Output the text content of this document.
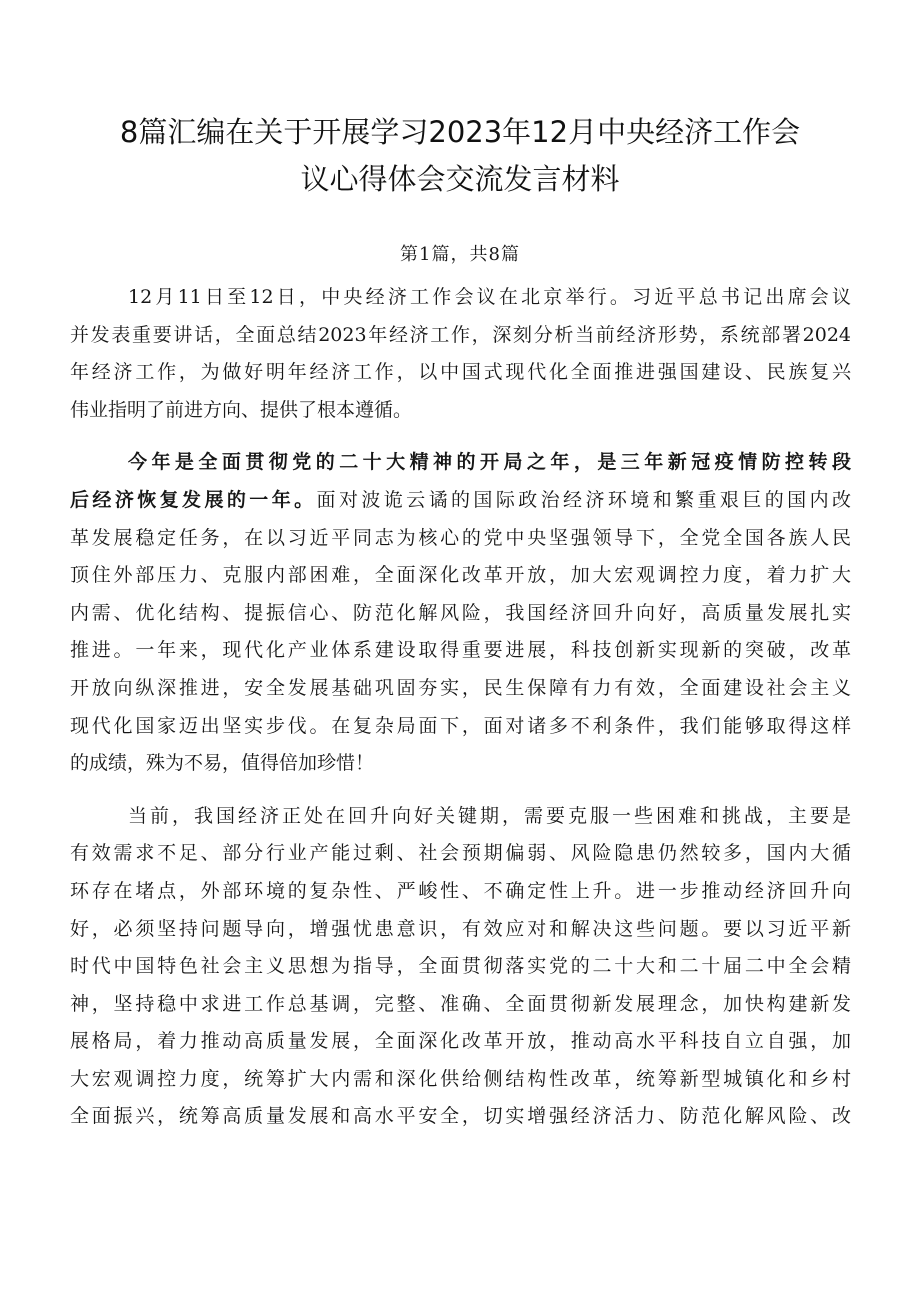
8篇汇编在关于开展学习2023年12月中央经济工作会
议心得体会交流发言材料
第1篇，共8篇
12月11日至12日，中央经济工作会议在北京举行。习近平总书记出席会议
并发表重要讲话，全面总结2023年经济工作，深刻分析当前经济形势，系统部署2024
年经济工作，为做好明年经济工作，以中国式现代化全面推进强国建设、民族复兴
伟业指明了前进方向、提供了根本遵循。
今年是全面贯彻党的二十大精神的开局之年，是三年新冠疫情防控转段
后经济恢复发展的一年。面对波诡云谲的国际政治经济环境和繁重艰巨的国内改
革发展稳定任务，在以习近平同志为核心的党中央坚强领导下，全党全国各族人民
顶住外部压力、克服内部困难，全面深化改革开放，加大宏观调控力度，着力扩大
内需、优化结构、提振信心、防范化解风险，我国经济回升向好，高质量发展扎实
推进。一年来，现代化产业体系建设取得重要进展，科技创新实现新的突破，改革
开放向纵深推进，安全发展基础巩固夯实，民生保障有力有效，全面建设社会主义
现代化国家迈出坚实步伐。在复杂局面下，面对诸多不利条件，我们能够取得这样
的成绩，殊为不易，值得倍加珍惜！
当前，我国经济正处在回升向好关键期，需要克服一些困难和挑战，主要是
有效需求不足、部分行业产能过剩、社会预期偏弱、风险隐患仍然较多，国内大循
环存在堵点，外部环境的复杂性、严峻性、不确定性上升。进一步推动经济回升向
好，必须坚持问题导向，增强忧患意识，有效应对和解决这些问题。要以习近平新
时代中国特色社会主义思想为指导，全面贯彻落实党的二十大和二十届二中全会精
神，坚持稳中求进工作总基调，完整、准确、全面贯彻新发展理念，加快构建新发
展格局，着力推动高质量发展，全面深化改革开放，推动高水平科技自立自强，加
大宏观调控力度，统筹扩大内需和深化供给侧结构性改革，统筹新型城镇化和乡村
全面振兴，统筹高质量发展和高水平安全，切实增强经济活力、防范化解风险、改
